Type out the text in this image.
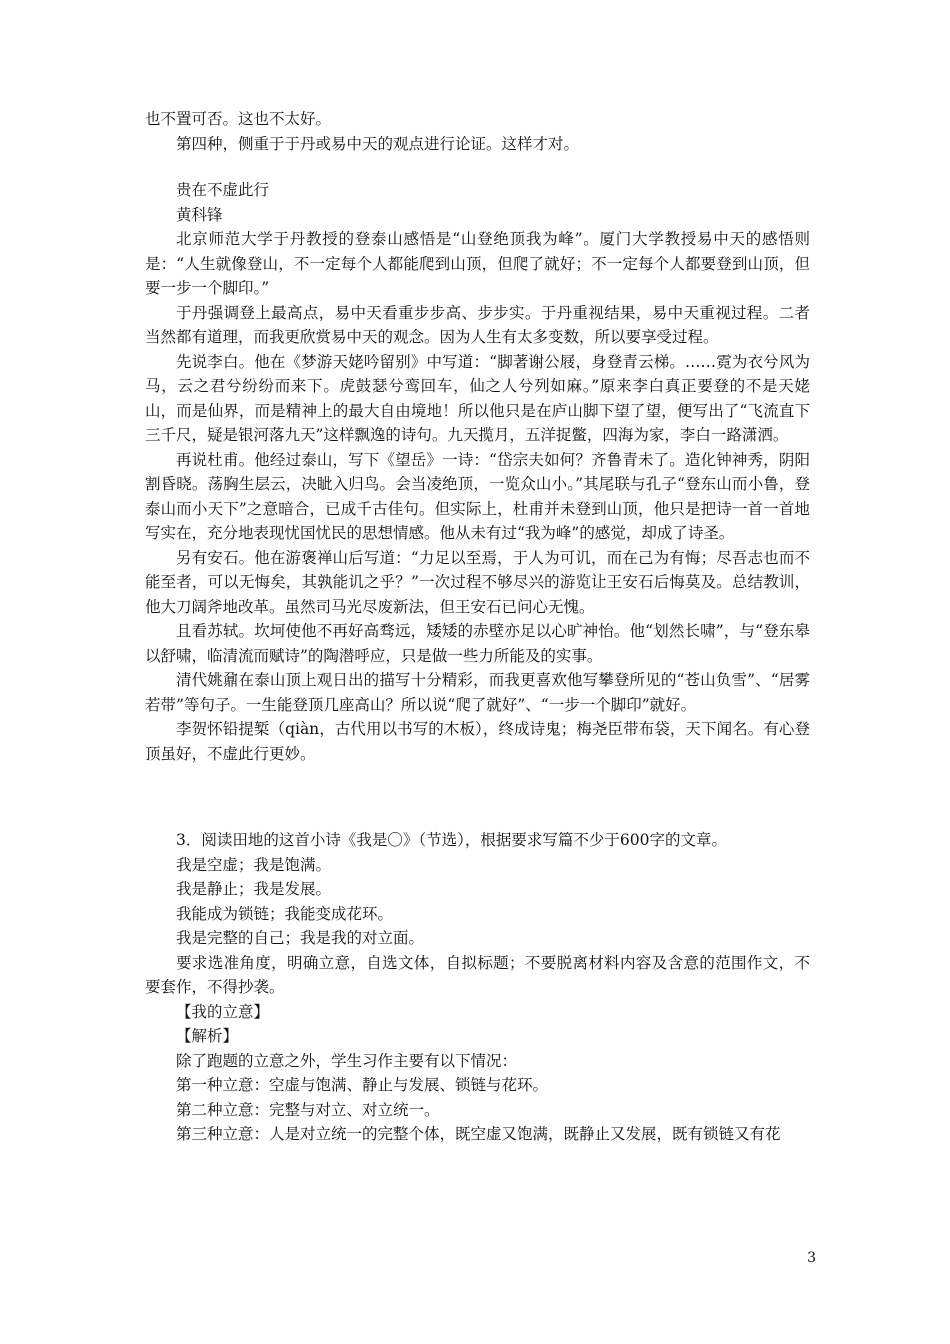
也不置可否。这也不太好。

第四种，侧重于于丹或易中天的观点进行论证。这样才对。

贵在不虚此行

黄科锋

北京师范大学于丹教授的登泰山感悟是“山登绝顶我为峰”。厦门大学教授易中天的感悟则是：“人生就像登山，不一定每个人都能爬到山顶，但爬了就好；不一定每个人都要登到山顶，但要一步一个脚印。”

于丹强调登上最高点，易中天看重步步高、步步实。于丹重视结果，易中天重视过程。二者当然都有道理，而我更欣赏易中天的观念。因为人生有太多变数，所以要享受过程。

先说李白。他在《梦游天姥吟留别》中写道：“脚著谢公屐，身登青云梯。……霓为衣兮风为马，云之君兮纷纷而来下。虎鼓瑟兮鸾回车，仙之人兮列如麻。”原来李白真正要登的不是天姥山，而是仙界，而是精神上的最大自由境地！所以他只是在庐山脚下望了望，便写出了“飞流直下三千尺，疑是银河落九天”这样飘逸的诗句。九天揽月，五洋捉鳖，四海为家，李白一路潇洒。

再说杜甫。他经过泰山，写下《望岳》一诗：“岱宗夫如何？齐鲁青未了。造化钟神秀，阴阳割昏晓。荡胸生层云，决眦入归鸟。会当凌绝顶，一览众山小。”其尾联与孔子“登东山而小鲁，登泰山而小天下”之意暗合，已成千古佳句。但实际上，杜甫并未登到山顶，他只是把诗一首一首地写实在，充分地表现忧国忧民的思想情感。他从未有过“我为峰”的感觉，却成了诗圣。

另有安石。他在游褒禅山后写道：“力足以至焉，于人为可讥，而在己为有悔；尽吾志也而不能至者，可以无悔矣，其孰能讥之乎？”一次过程不够尽兴的游览让王安石后悔莫及。总结教训，他大刀阔斧地改革。虽然司马光尽废新法，但王安石已问心无愧。

且看苏轼。坎坷使他不再好高骛远，矮矮的赤壁亦足以心旷神怡。他“划然长啸”，与“登东皋以舒啸，临清流而赋诗”的陶潜呼应，只是做一些力所能及的实事。

清代姚鼐在泰山顶上观日出的描写十分精彩，而我更喜欢他写攀登所见的“苍山负雪”、“居雾若带”等句子。一生能登顶几座高山？所以说“爬了就好”、“一步一个脚印”就好。

李贺怀铅提椠（qiàn，古代用以书写的木板），终成诗鬼；梅尧臣带布袋，天下闻名。有心登顶虽好，不虚此行更妙。

3．阅读田地的这首小诗《我是〇》（节选），根据要求写篇不少于600字的文章。

我是空虚；我是饱满。

我是静止；我是发展。

我能成为锁链；我能变成花环。

我是完整的自己；我是我的对立面。

要求选准角度，明确立意，自选文体，自拟标题；不要脱离材料内容及含意的范围作文，不要套作，不得抄袭。

【我的立意】

【解析】

除了跑题的立意之外，学生习作主要有以下情况：

第一种立意：空虚与饱满、静止与发展、锁链与花环。

第二种立意：完整与对立、对立统一。

第三种立意：人是对立统一的完整个体，既空虚又饱满，既静止又发展，既有锁链又有花

3
